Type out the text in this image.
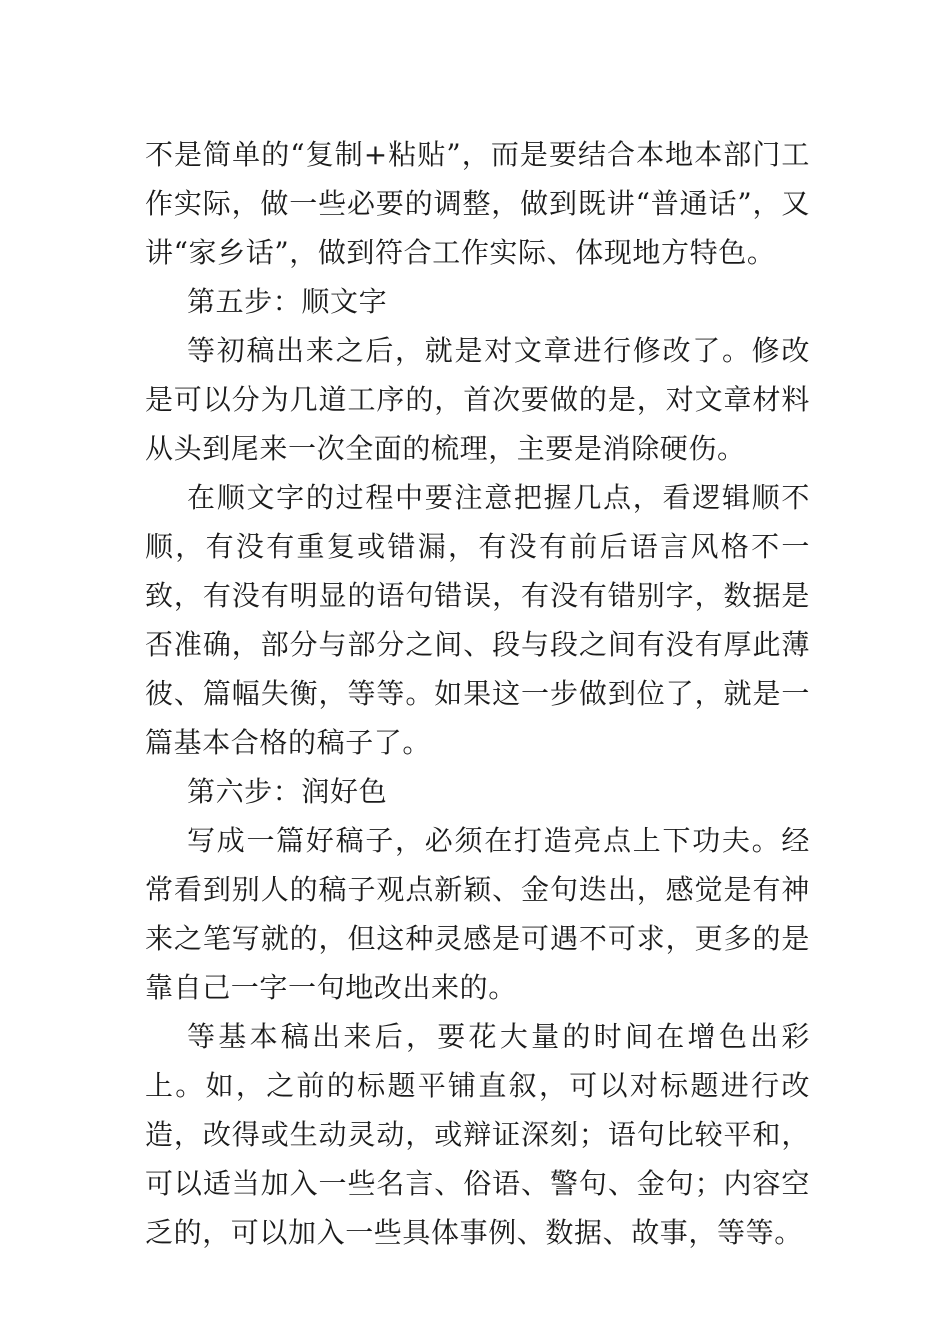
不是简单的“复制+粘贴”，而是要结合本地本部门工作实际，做一些必要的调整，做到既讲“普通话”，又讲“家乡话”，做到符合工作实际、体现地方特色。

第五步：顺文字

等初稿出来之后，就是对文章进行修改了。修改是可以分为几道工序的，首次要做的是，对文章材料从头到尾来一次全面的梳理，主要是消除硬伤。

在顺文字的过程中要注意把握几点，看逻辑顺不顺，有没有重复或错漏，有没有前后语言风格不一致，有没有明显的语句错误，有没有错别字，数据是否准确，部分与部分之间、段与段之间有没有厚此薄彼、篇幅失衡，等等。如果这一步做到位了，就是一篇基本合格的稿子了。

第六步：润好色

写成一篇好稿子，必须在打造亮点上下功夫。经常看到别人的稿子观点新颖、金句迭出，感觉是有神来之笔写就的，但这种灵感是可遇不可求，更多的是靠自己一字一句地改出来的。

等基本稿出来后，要花大量的时间在增色出彩上。如，之前的标题平铺直叙，可以对标题进行改造，改得或生动灵动，或辩证深刻；语句比较平和，可以适当加入一些名言、俗语、警句、金句；内容空乏的，可以加入一些具体事例、数据、故事，等等。
